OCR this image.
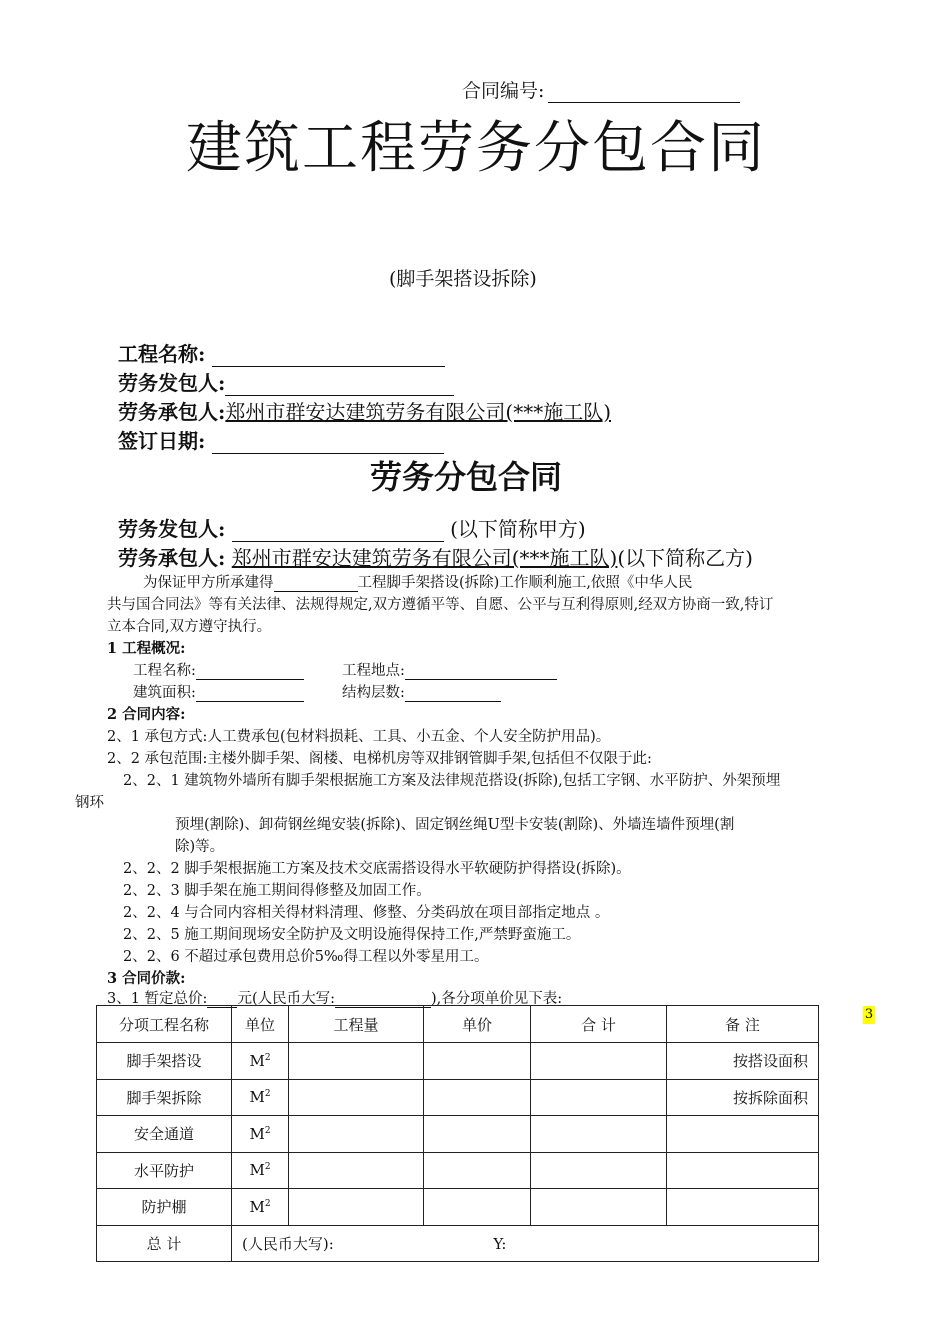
合同编号:
建筑工程劳务分包合同
(脚手架搭设拆除)
工程名称:
劳务发包人:
劳务承包人:郑州市群安达建筑劳务有限公司(***施工队)
签订日期:
劳务分包合同
劳务发包人:	(以下简称甲方)
劳务承包人: 郑州市群安达建筑劳务有限公司(***施工队)(以下简称乙方)
为保证甲方所承建得	工程脚手架搭设(拆除)工作顺利施工,依照《中华人民
共与国合同法》等有关法律、法规得规定,双方遵循平等、自愿、公平与互利得原则,经双方协商一致,特订
立本合同,双方遵守执行。
1 工程概况:
工程名称:	工程地点:
建筑面积:	结构层数:
2 合同内容:
2、1 承包方式:人工费承包(包材料损耗、工具、小五金、个人安全防护用品)。
2、2 承包范围:主楼外脚手架、阁楼、电梯机房等双排钢管脚手架,包括但不仅限于此:
2、2、1 建筑物外墙所有脚手架根据施工方案及法律规范搭设(拆除),包括工字钢、水平防护、外架预埋
钢环
预埋(割除)、卸荷钢丝绳安装(拆除)、固定钢丝绳U型卡安装(割除)、外墙连墙件预埋(割
除)等。
2、2、2 脚手架根据施工方案及技术交底需搭设得水平软硬防护得搭设(拆除)。
2、2、3 脚手架在施工期间得修整及加固工作。
2、2、4 与合同内容相关得材料清理、修整、分类码放在项目部指定地点 。
2、2、5 施工期间现场安全防护及文明设施得保持工作,严禁野蛮施工。
2、2、6 不超过承包费用总价5‰得工程以外零星用工。
3 合同价款:
3、1 暂定总价: 元(人民币大写:	),各分项单价见下表:
3
分项工程名称	单位	工程量	单价	合 计	备 注
脚手架搭设	$M^2$				按搭设面积
脚手架拆除	$M^2$				按拆除面积
安全通道	$M^2$				
水平防护	$M^2$				
防护棚	$M^2$				
总 计	(人民币大写): Y:				
